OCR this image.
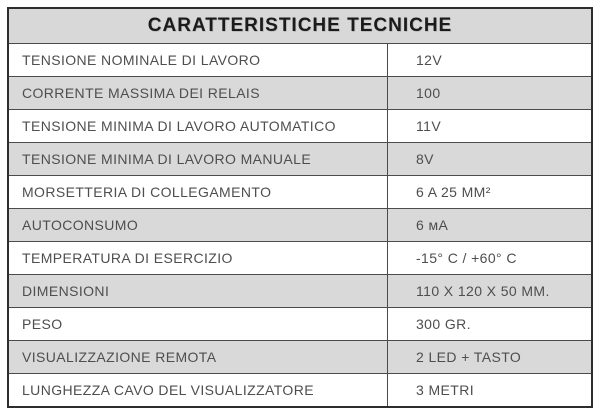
CARATTERISTICHE TECNICHE
TENSIONE NOMINALE DI LAVORO	12V
CORRENTE MASSIMA DEI RELAIS	100
TENSIONE MINIMA DI LAVORO AUTOMATICO	11V
TENSIONE MINIMA DI LAVORO MANUALE	8V
MORSETTERIA DI COLLEGAMENTO	6 A 25 MM²
AUTOCONSUMO	6 ᴍA
TEMPERATURA DI ESERCIZIO	-15° C / +60° C
DIMENSIONI	110 X 120 X 50 MM.
PESO	300 GR.
VISUALIZZAZIONE REMOTA	2 LED + TASTO
LUNGHEZZA CAVO DEL VISUALIZZATORE	3 METRI
